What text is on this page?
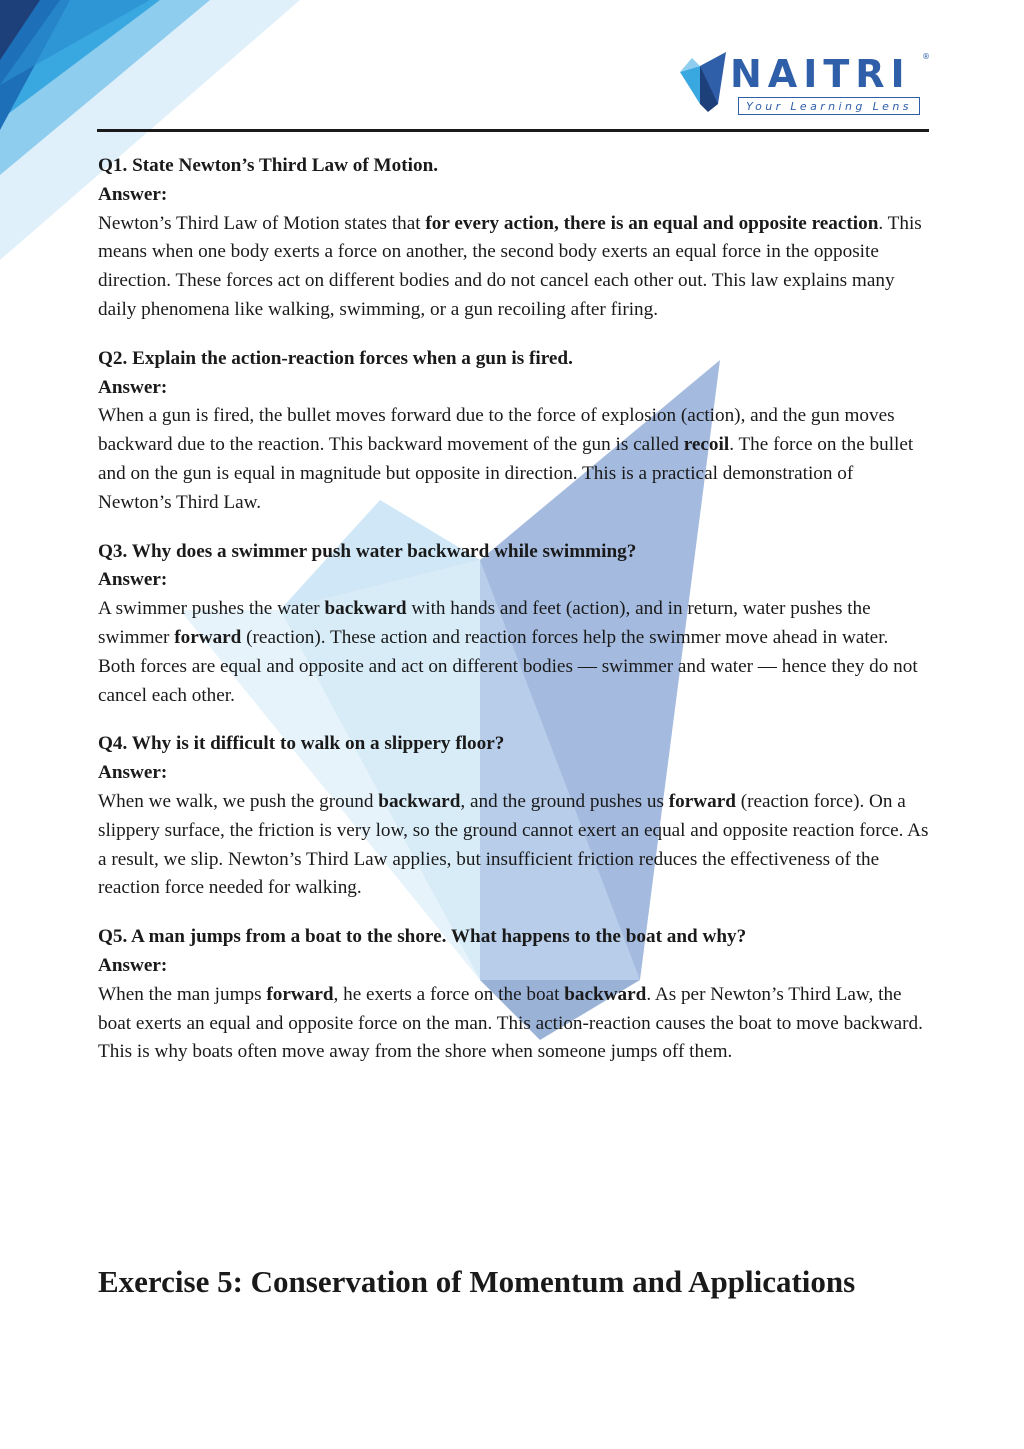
NAITRI ®
Your Learning Lens
Q1. State Newton’s Third Law of Motion.
Answer:
Newton’s Third Law of Motion states that for every action, there is an equal and opposite reaction. This means when one body exerts a force on another, the second body exerts an equal force in the opposite direction. These forces act on different bodies and do not cancel each other out. This law explains many daily phenomena like walking, swimming, or a gun recoiling after firing.
Q2. Explain the action-reaction forces when a gun is fired.
Answer:
When a gun is fired, the bullet moves forward due to the force of explosion (action), and the gun moves backward due to the reaction. This backward movement of the gun is called recoil. The force on the bullet and on the gun is equal in magnitude but opposite in direction. This is a practical demonstration of Newton’s Third Law.
Q3. Why does a swimmer push water backward while swimming?
Answer:
A swimmer pushes the water backward with hands and feet (action), and in return, water pushes the swimmer forward (reaction). These action and reaction forces help the swimmer move ahead in water. Both forces are equal and opposite and act on different bodies — swimmer and water — hence they do not cancel each other.
Q4. Why is it difficult to walk on a slippery floor?
Answer:
When we walk, we push the ground backward, and the ground pushes us forward (reaction force). On a slippery surface, the friction is very low, so the ground cannot exert an equal and opposite reaction force. As a result, we slip. Newton’s Third Law applies, but insufficient friction reduces the effectiveness of the reaction force needed for walking.
Q5. A man jumps from a boat to the shore. What happens to the boat and why?
Answer:
When the man jumps forward, he exerts a force on the boat backward. As per Newton’s Third Law, the boat exerts an equal and opposite force on the man. This action-reaction causes the boat to move backward. This is why boats often move away from the shore when someone jumps off them.
Exercise 5: Conservation of Momentum and Applications
